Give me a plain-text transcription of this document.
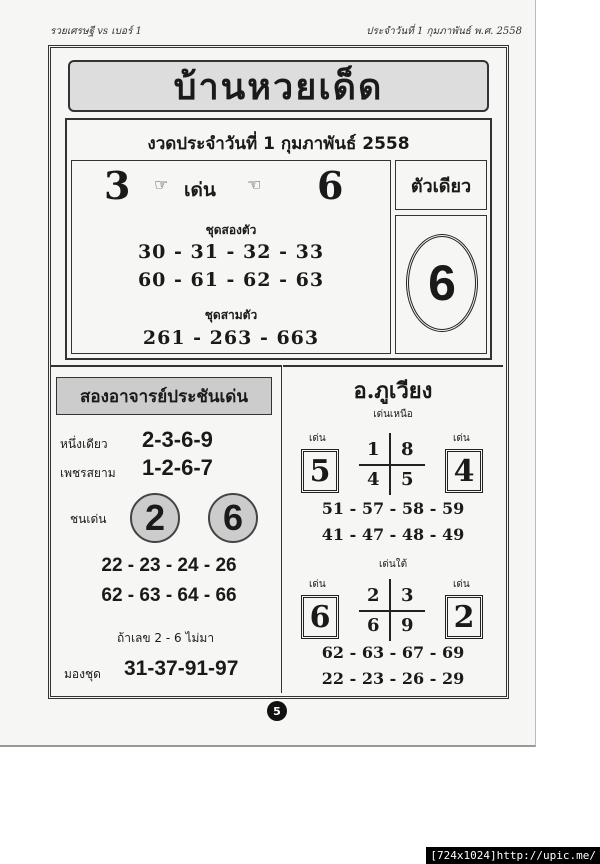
รวยเศรษฐี vs เบอร์ 1	ประจำวันที่ 1 กุมภาพันธ์ พ.ศ. 2558
บ้านหวยเด็ด
งวดประจำวันที่ 1 กุมภาพันธ์ 2558
3 ☞ เด่น ☜ 6
ชุดสองตัว
30 - 31 - 32 - 33
60 - 61 - 62 - 63
ชุดสามตัว
261 - 263 - 663
ตัวเดียว
6
สองอาจารย์ประชันเด่น
หนึ่งเดียว 2-3-6-9
เพชรสยาม 1-2-6-7
ชนเด่น	2	6
22 - 23 - 24 - 26
62 - 63 - 64 - 66
ถ้าเลข 2 - 6 ไม่มา
มองชุด 31-37-91-97
อ.ภูเวียง
เด่นเหนือ
เด่น	เด่น
5	4
1 8
4 5
51 - 57 - 58 - 59
41 - 47 - 48 - 49
เด่นใต้
เด่น	เด่น
6	2
2 3
6 9
62 - 63 - 67 - 69
22 - 23 - 26 - 29
5
[724x1024]http://upic.me/
